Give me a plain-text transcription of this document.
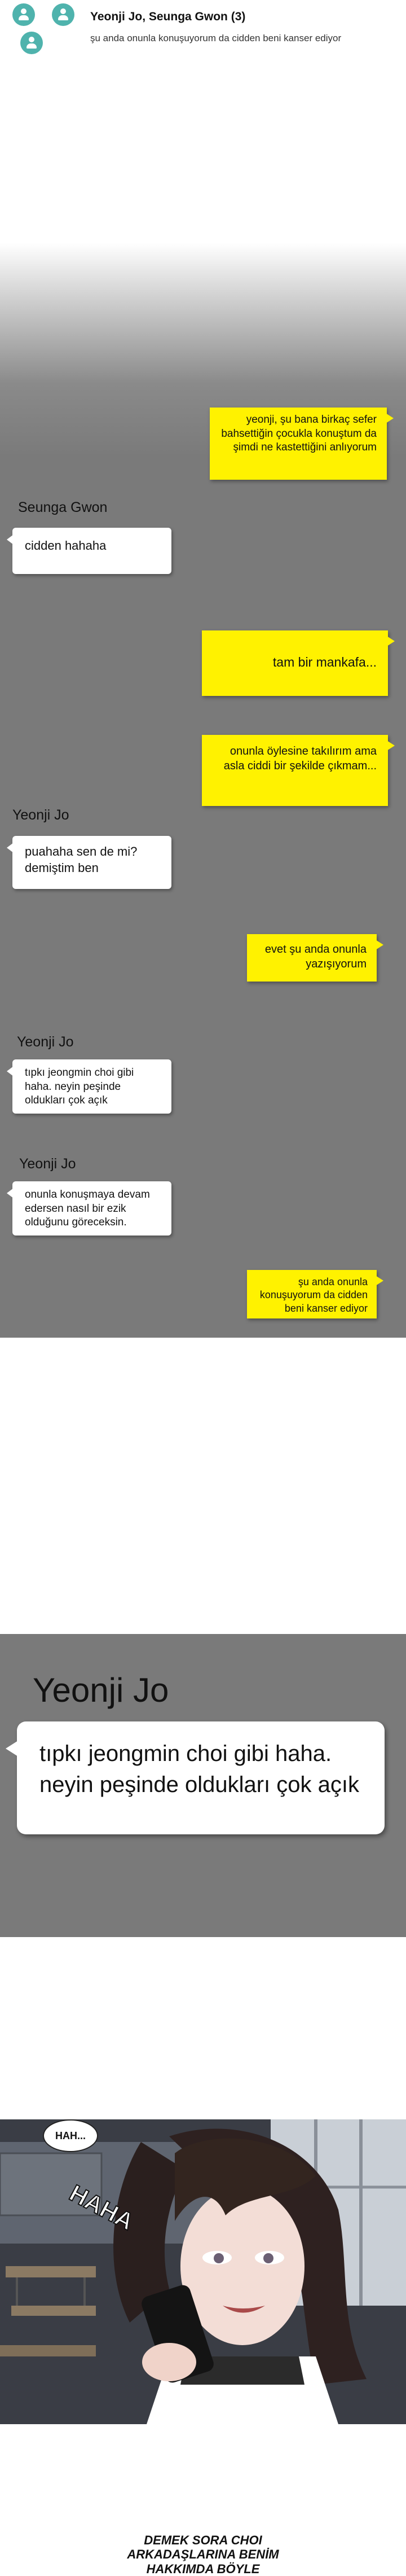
Yeonji Jo, Seunga Gwon (3)
şu anda onunla konuşuyorum da cidden beni kanser ediyor
yeonji, şu bana birkaç sefer bahsettiğin çocukla konuştum da şimdi ne kastettiğini anlıyorum
Seunga Gwon
cidden hahaha
tam bir mankafa...
onunla öylesine takılırım ama asla ciddi bir şekilde çıkmam...
Yeonji Jo
puahaha sen de mi? demiştim ben
evet şu anda onunla yazışıyorum
Yeonji Jo
tıpkı jeongmin choi gibi haha. neyin peşinde oldukları çok açık
Yeonji Jo
onunla konuşmaya devam edersen nasıl bir ezik olduğunu göreceksin.
şu anda onunla konuşuyorum da cidden beni kanser ediyor
Yeonji Jo
tıpkı jeongmin choi gibi haha. neyin peşinde oldukları çok açık
HAHA
HAH...
DEMEK SORA CHOI ARKADAŞLARINA BENİM HAKKIMDA BÖYLE
